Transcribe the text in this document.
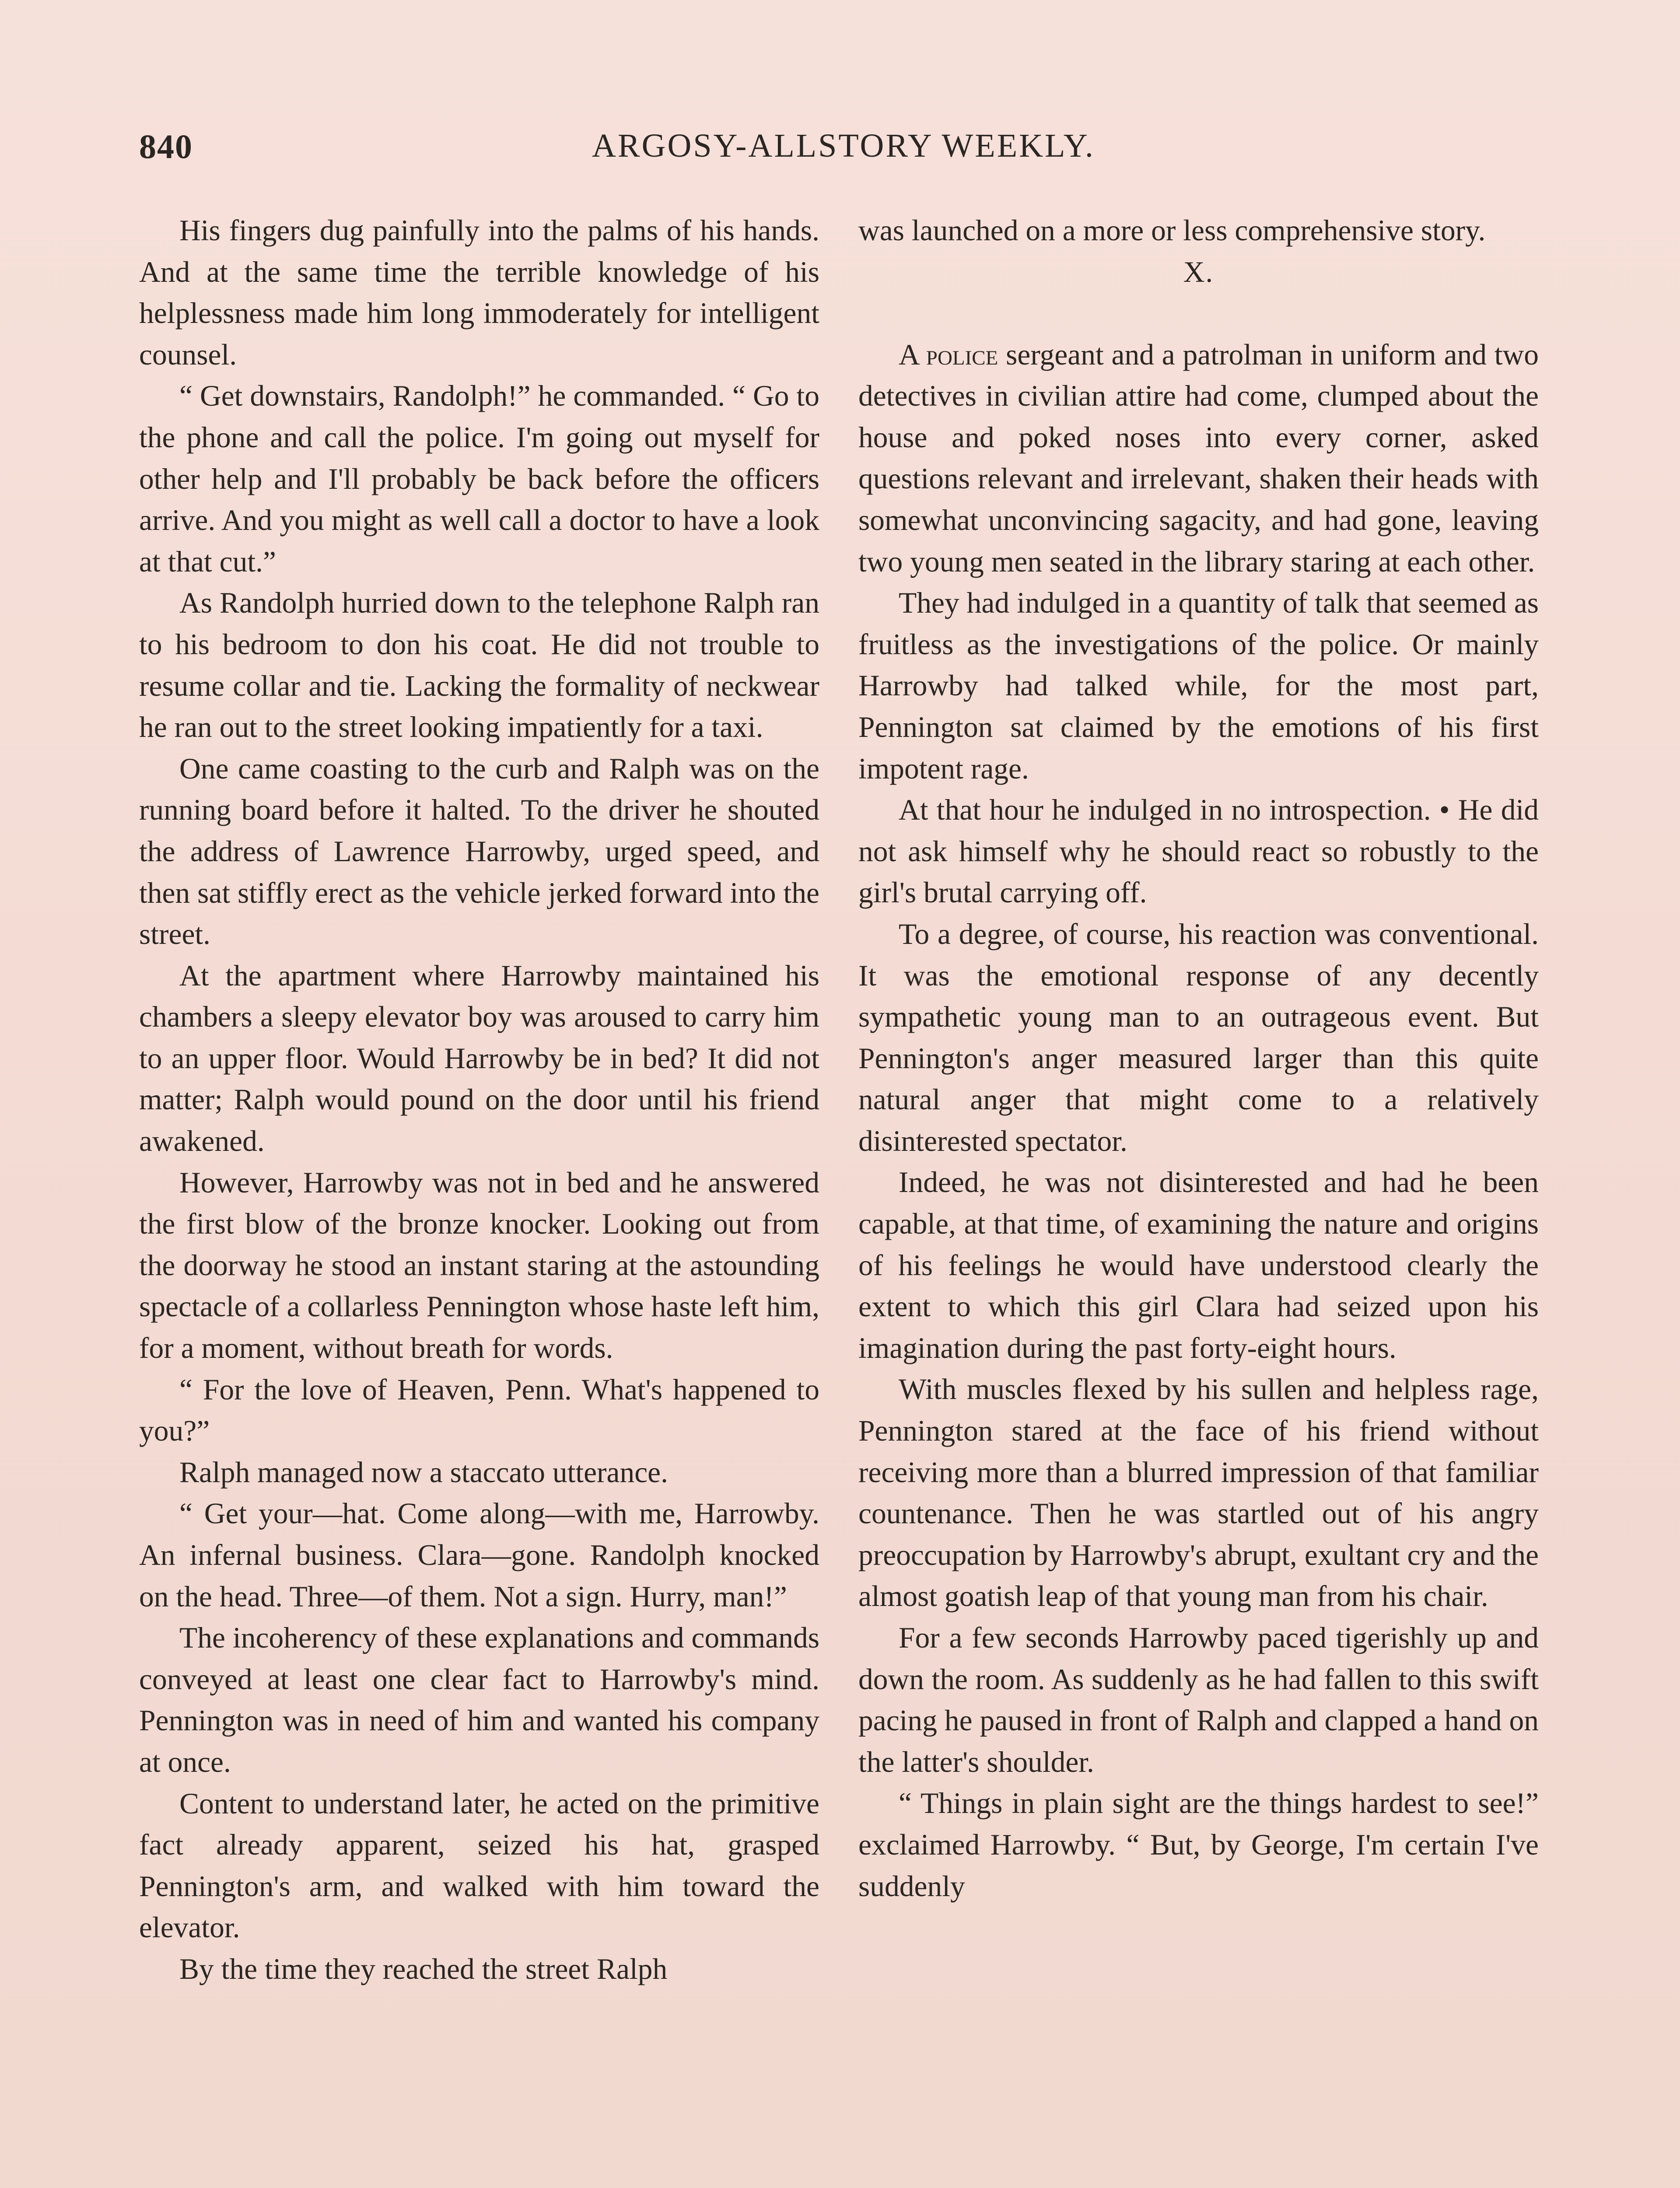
840	ARGOSY-ALLSTORY WEEKLY.

His fingers dug painfully into the palms of his hands. And at the same time the terrible knowledge of his helplessness made him long immoderately for intelligent counsel.

“ Get downstairs, Randolph!” he commanded. “ Go to the phone and call the police. I'm going out myself for other help and I'll probably be back before the officers arrive. And you might as well call a doctor to have a look at that cut.”

As Randolph hurried down to the telephone Ralph ran to his bedroom to don his coat. He did not trouble to resume collar and tie. Lacking the formality of neckwear he ran out to the street looking impatiently for a taxi.

One came coasting to the curb and Ralph was on the running board before it halted. To the driver he shouted the address of Lawrence Harrowby, urged speed, and then sat stiffly erect as the vehicle jerked forward into the street.

At the apartment where Harrowby maintained his chambers a sleepy elevator boy was aroused to carry him to an upper floor. Would Harrowby be in bed? It did not matter; Ralph would pound on the door until his friend awakened.

However, Harrowby was not in bed and he answered the first blow of the bronze knocker. Looking out from the doorway he stood an instant staring at the astounding spectacle of a collarless Pennington whose haste left him, for a moment, without breath for words.

“ For the love of Heaven, Penn. What's happened to you?”

Ralph managed now a staccato utterance.

“ Get your—hat. Come along—with me, Harrowby. An infernal business. Clara—gone. Randolph knocked on the head. Three—of them. Not a sign. Hurry, man!”

The incoherency of these explanations and commands conveyed at least one clear fact to Harrowby's mind. Pennington was in need of him and wanted his company at once.

Content to understand later, he acted on the primitive fact already apparent, seized his hat, grasped Pennington's arm, and walked with him toward the elevator.

By the time they reached the street Ralph

was launched on a more or less comprehensive story.

X.

A police sergeant and a patrolman in uniform and two detectives in civilian attire had come, clumped about the house and poked noses into every corner, asked questions relevant and irrelevant, shaken their heads with somewhat unconvincing sagacity, and had gone, leaving two young men seated in the library staring at each other.

They had indulged in a quantity of talk that seemed as fruitless as the investigations of the police. Or mainly Harrowby had talked while, for the most part, Pennington sat claimed by the emotions of his first impotent rage.

At that hour he indulged in no introspection. • He did not ask himself why he should react so robustly to the girl's brutal carrying off.

To a degree, of course, his reaction was conventional. It was the emotional response of any decently sympathetic young man to an outrageous event. But Pennington's anger measured larger than this quite natural anger that might come to a relatively disinterested spectator.

Indeed, he was not disinterested and had he been capable, at that time, of examining the nature and origins of his feelings he would have understood clearly the extent to which this girl Clara had seized upon his imagination during the past forty-eight hours.

With muscles flexed by his sullen and helpless rage, Pennington stared at the face of his friend without receiving more than a blurred impression of that familiar countenance. Then he was startled out of his angry preoccupation by Harrowby's abrupt, exultant cry and the almost goatish leap of that young man from his chair.

For a few seconds Harrowby paced tigerishly up and down the room. As suddenly as he had fallen to this swift pacing he paused in front of Ralph and clapped a hand on the latter's shoulder.

“ Things in plain sight are the things hardest to see!” exclaimed Harrowby. “ But, by George, I'm certain I've suddenly
